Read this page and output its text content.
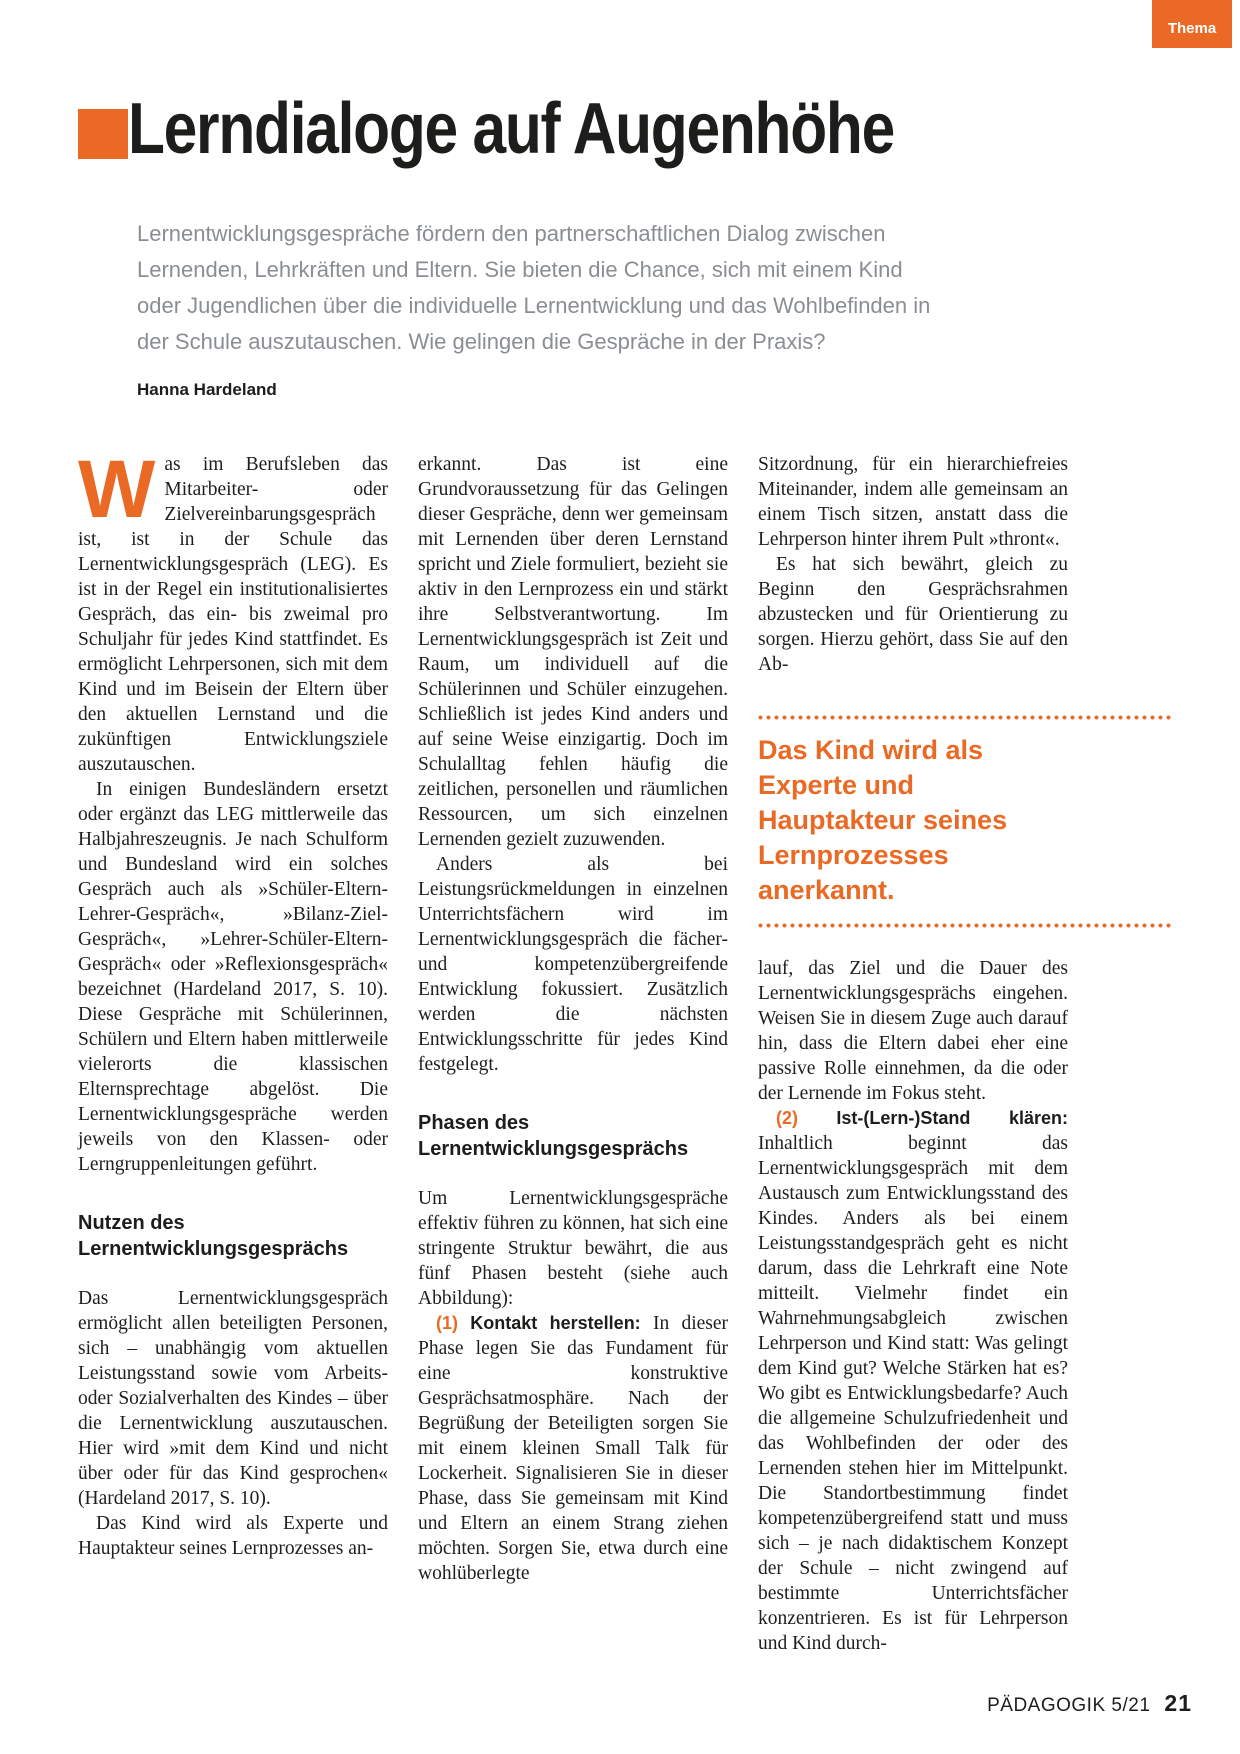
Thema
Lerndialoge auf Augenhöhe

Lernentwicklungsgespräche fördern den partnerschaftlichen Dialog zwischen Lernenden, Lehrkräften und Eltern. Sie bieten die Chance, sich mit einem Kind oder Jugendlichen über die individuelle Lernentwicklung und das Wohlbefinden in der Schule auszutauschen. Wie gelingen die Gespräche in der Praxis?

Hanna Hardeland

Was im Berufsleben das Mitarbeiter- oder Zielvereinbarungsgespräch ist, ist in der Schule das Lernentwicklungsgespräch (LEG). Es ist in der Regel ein institutionalisiertes Gespräch, das ein- bis zweimal pro Schuljahr für jedes Kind stattfindet. Es ermöglicht Lehrpersonen, sich mit dem Kind und im Beisein der Eltern über den aktuellen Lernstand und die zukünftigen Entwicklungsziele auszutauschen.

In einigen Bundesländern ersetzt oder ergänzt das LEG mittlerweile das Halbjahreszeugnis. Je nach Schulform und Bundesland wird ein solches Gespräch auch als »Schüler-Eltern-Lehrer-Gespräch«, »Bilanz-Ziel-Gespräch«, »Lehrer-Schüler-Eltern-Gespräch« oder »Reflexionsgespräch« bezeichnet (Hardeland 2017, S. 10). Diese Gespräche mit Schülerinnen, Schülern und Eltern haben mittlerweile vielerorts die klassischen Elternsprechtage abgelöst. Die Lernentwicklungsgespräche werden jeweils von den Klassen- oder Lerngruppenleitungen geführt.

Nutzen des Lernentwicklungsgesprächs

Das Lernentwicklungsgespräch ermöglicht allen beteiligten Personen, sich – unabhängig vom aktuellen Leistungsstand sowie vom Arbeits- oder Sozialverhalten des Kindes – über die Lernentwicklung auszutauschen. Hier wird »mit dem Kind und nicht über oder für das Kind gesprochen« (Hardeland 2017, S. 10).

Das Kind wird als Experte und Hauptakteur seines Lernprozesses an-

erkannt. Das ist eine Grundvoraussetzung für das Gelingen dieser Gespräche, denn wer gemeinsam mit Lernenden über deren Lernstand spricht und Ziele formuliert, bezieht sie aktiv in den Lernprozess ein und stärkt ihre Selbstverantwortung. Im Lernentwicklungsgespräch ist Zeit und Raum, um individuell auf die Schülerinnen und Schüler einzugehen. Schließlich ist jedes Kind anders und auf seine Weise einzigartig. Doch im Schulalltag fehlen häufig die zeitlichen, personellen und räumlichen Ressourcen, um sich einzelnen Lernenden gezielt zuzuwenden.

Anders als bei Leistungsrückmeldungen in einzelnen Unterrichtsfächern wird im Lernentwicklungsgespräch die fächer- und kompetenzübergreifende Entwicklung fokussiert. Zusätzlich werden die nächsten Entwicklungsschritte für jedes Kind festgelegt.

Phasen des Lernentwicklungsgesprächs

Um Lernentwicklungsgespräche effektiv führen zu können, hat sich eine stringente Struktur bewährt, die aus fünf Phasen besteht (siehe auch Abbildung):

(1) Kontakt herstellen: In dieser Phase legen Sie das Fundament für eine konstruktive Gesprächsatmosphäre. Nach der Begrüßung der Beteiligten sorgen Sie mit einem kleinen Small Talk für Lockerheit. Signalisieren Sie in dieser Phase, dass Sie gemeinsam mit Kind und Eltern an einem Strang ziehen möchten. Sorgen Sie, etwa durch eine wohlüberlegte

Sitzordnung, für ein hierarchiefreies Miteinander, indem alle gemeinsam an einem Tisch sitzen, anstatt dass die Lehrperson hinter ihrem Pult »thront«.

Es hat sich bewährt, gleich zu Beginn den Gesprächsrahmen abzustecken und für Orientierung zu sorgen. Hierzu gehört, dass Sie auf den Ab-

Das Kind wird als Experte und Hauptakteur seines Lernprozesses anerkannt.

lauf, das Ziel und die Dauer des Lernentwicklungsgesprächs eingehen. Weisen Sie in diesem Zuge auch darauf hin, dass die Eltern dabei eher eine passive Rolle einnehmen, da die oder der Lernende im Fokus steht.

(2) Ist-(Lern-)Stand klären: Inhaltlich beginnt das Lernentwicklungsgespräch mit dem Austausch zum Entwicklungsstand des Kindes. Anders als bei einem Leistungsstandgespräch geht es nicht darum, dass die Lehrkraft eine Note mitteilt. Vielmehr findet ein Wahrnehmungsabgleich zwischen Lehrperson und Kind statt: Was gelingt dem Kind gut? Welche Stärken hat es? Wo gibt es Entwicklungsbedarfe? Auch die allgemeine Schulzufriedenheit und das Wohlbefinden der oder des Lernenden stehen hier im Mittelpunkt. Die Standortbestimmung findet kompetenzübergreifend statt und muss sich – je nach didaktischem Konzept der Schule – nicht zwingend auf bestimmte Unterrichtsfächer konzentrieren. Es ist für Lehrperson und Kind durch-

PÄDAGOGIK 5/21 21
